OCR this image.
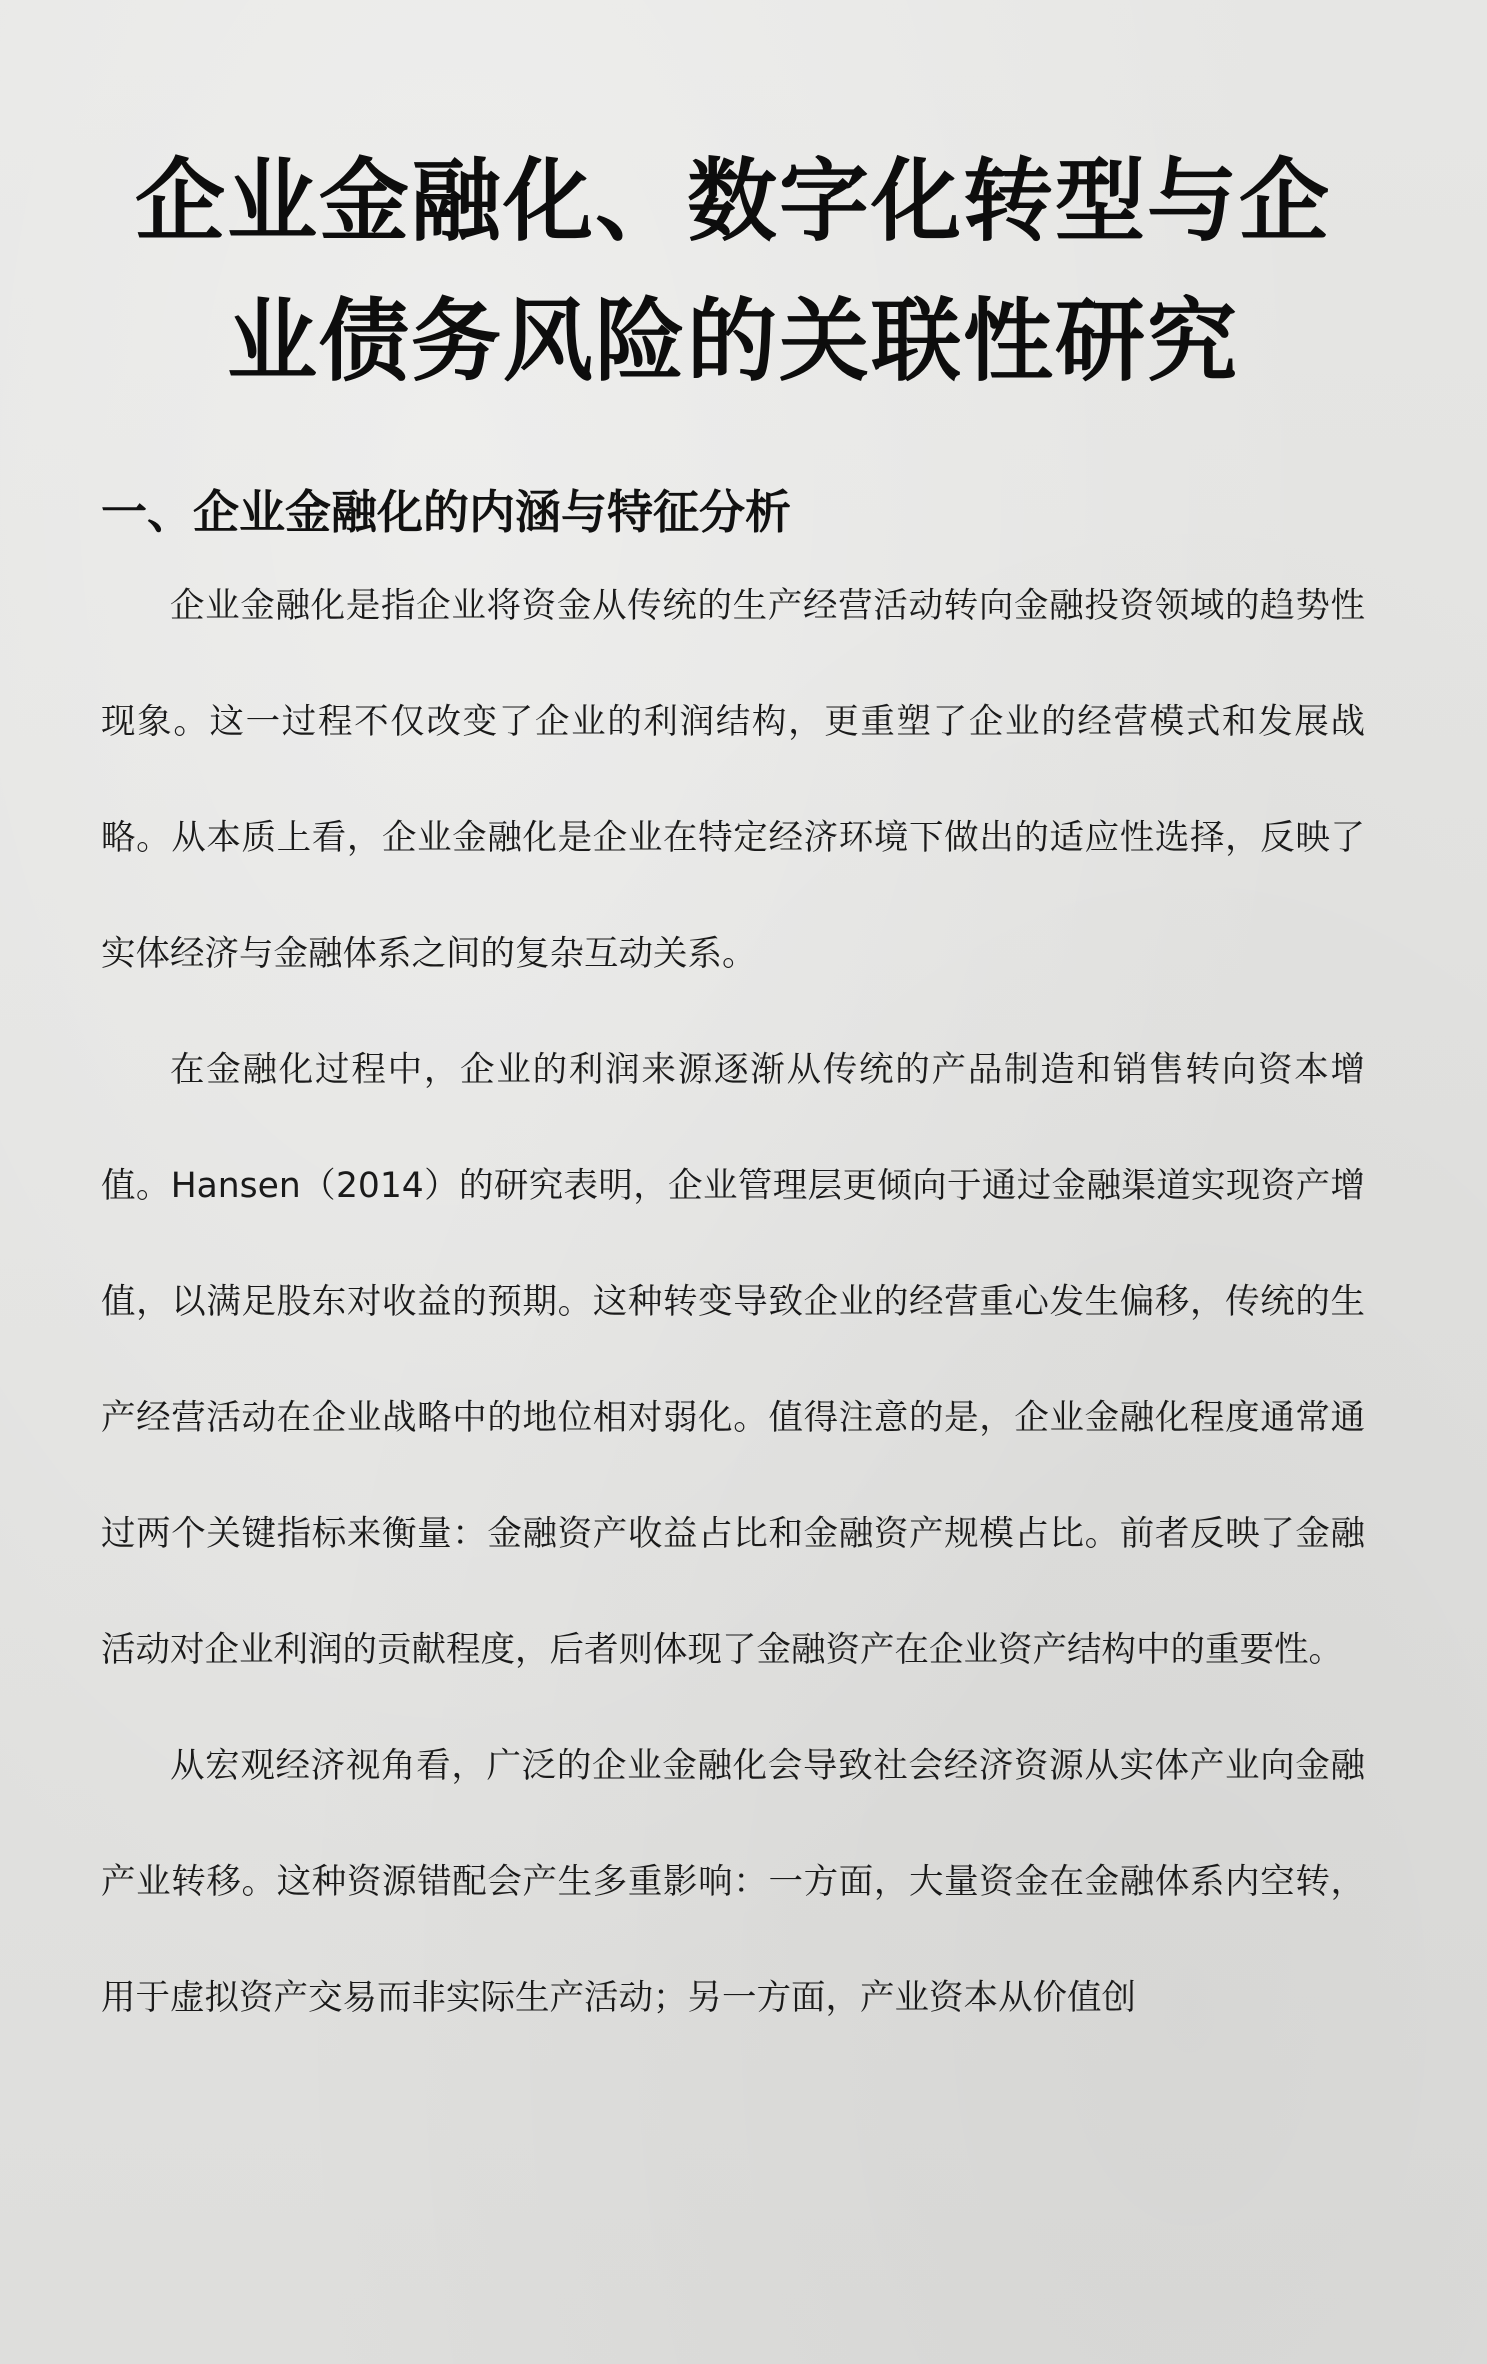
企业金融化、数字化转型与企业债务风险的关联性研究
一、企业金融化的内涵与特征分析

企业金融化是指企业将资金从传统的生产经营活动转向金融投资领域的趋势性现象。这一过程不仅改变了企业的利润结构，更重塑了企业的经营模式和发展战略。从本质上看，企业金融化是企业在特定经济环境下做出的适应性选择，反映了实体经济与金融体系之间的复杂互动关系。

在金融化过程中，企业的利润来源逐渐从传统的产品制造和销售转向资本增值。Hansen（2014）的研究表明，企业管理层更倾向于通过金融渠道实现资产增值，以满足股东对收益的预期。这种转变导致企业的经营重心发生偏移，传统的生产经营活动在企业战略中的地位相对弱化。值得注意的是，企业金融化程度通常通过两个关键指标来衡量：金融资产收益占比和金融资产规模占比。前者反映了金融活动对企业利润的贡献程度，后者则体现了金融资产在企业资产结构中的重要性。

从宏观经济视角看，广泛的企业金融化会导致社会经济资源从实体产业向金融产业转移。这种资源错配会产生多重影响：一方面，大量资金在金融体系内空转，用于虚拟资产交易而非实际生产活动；另一方面，产业资本从价值创
